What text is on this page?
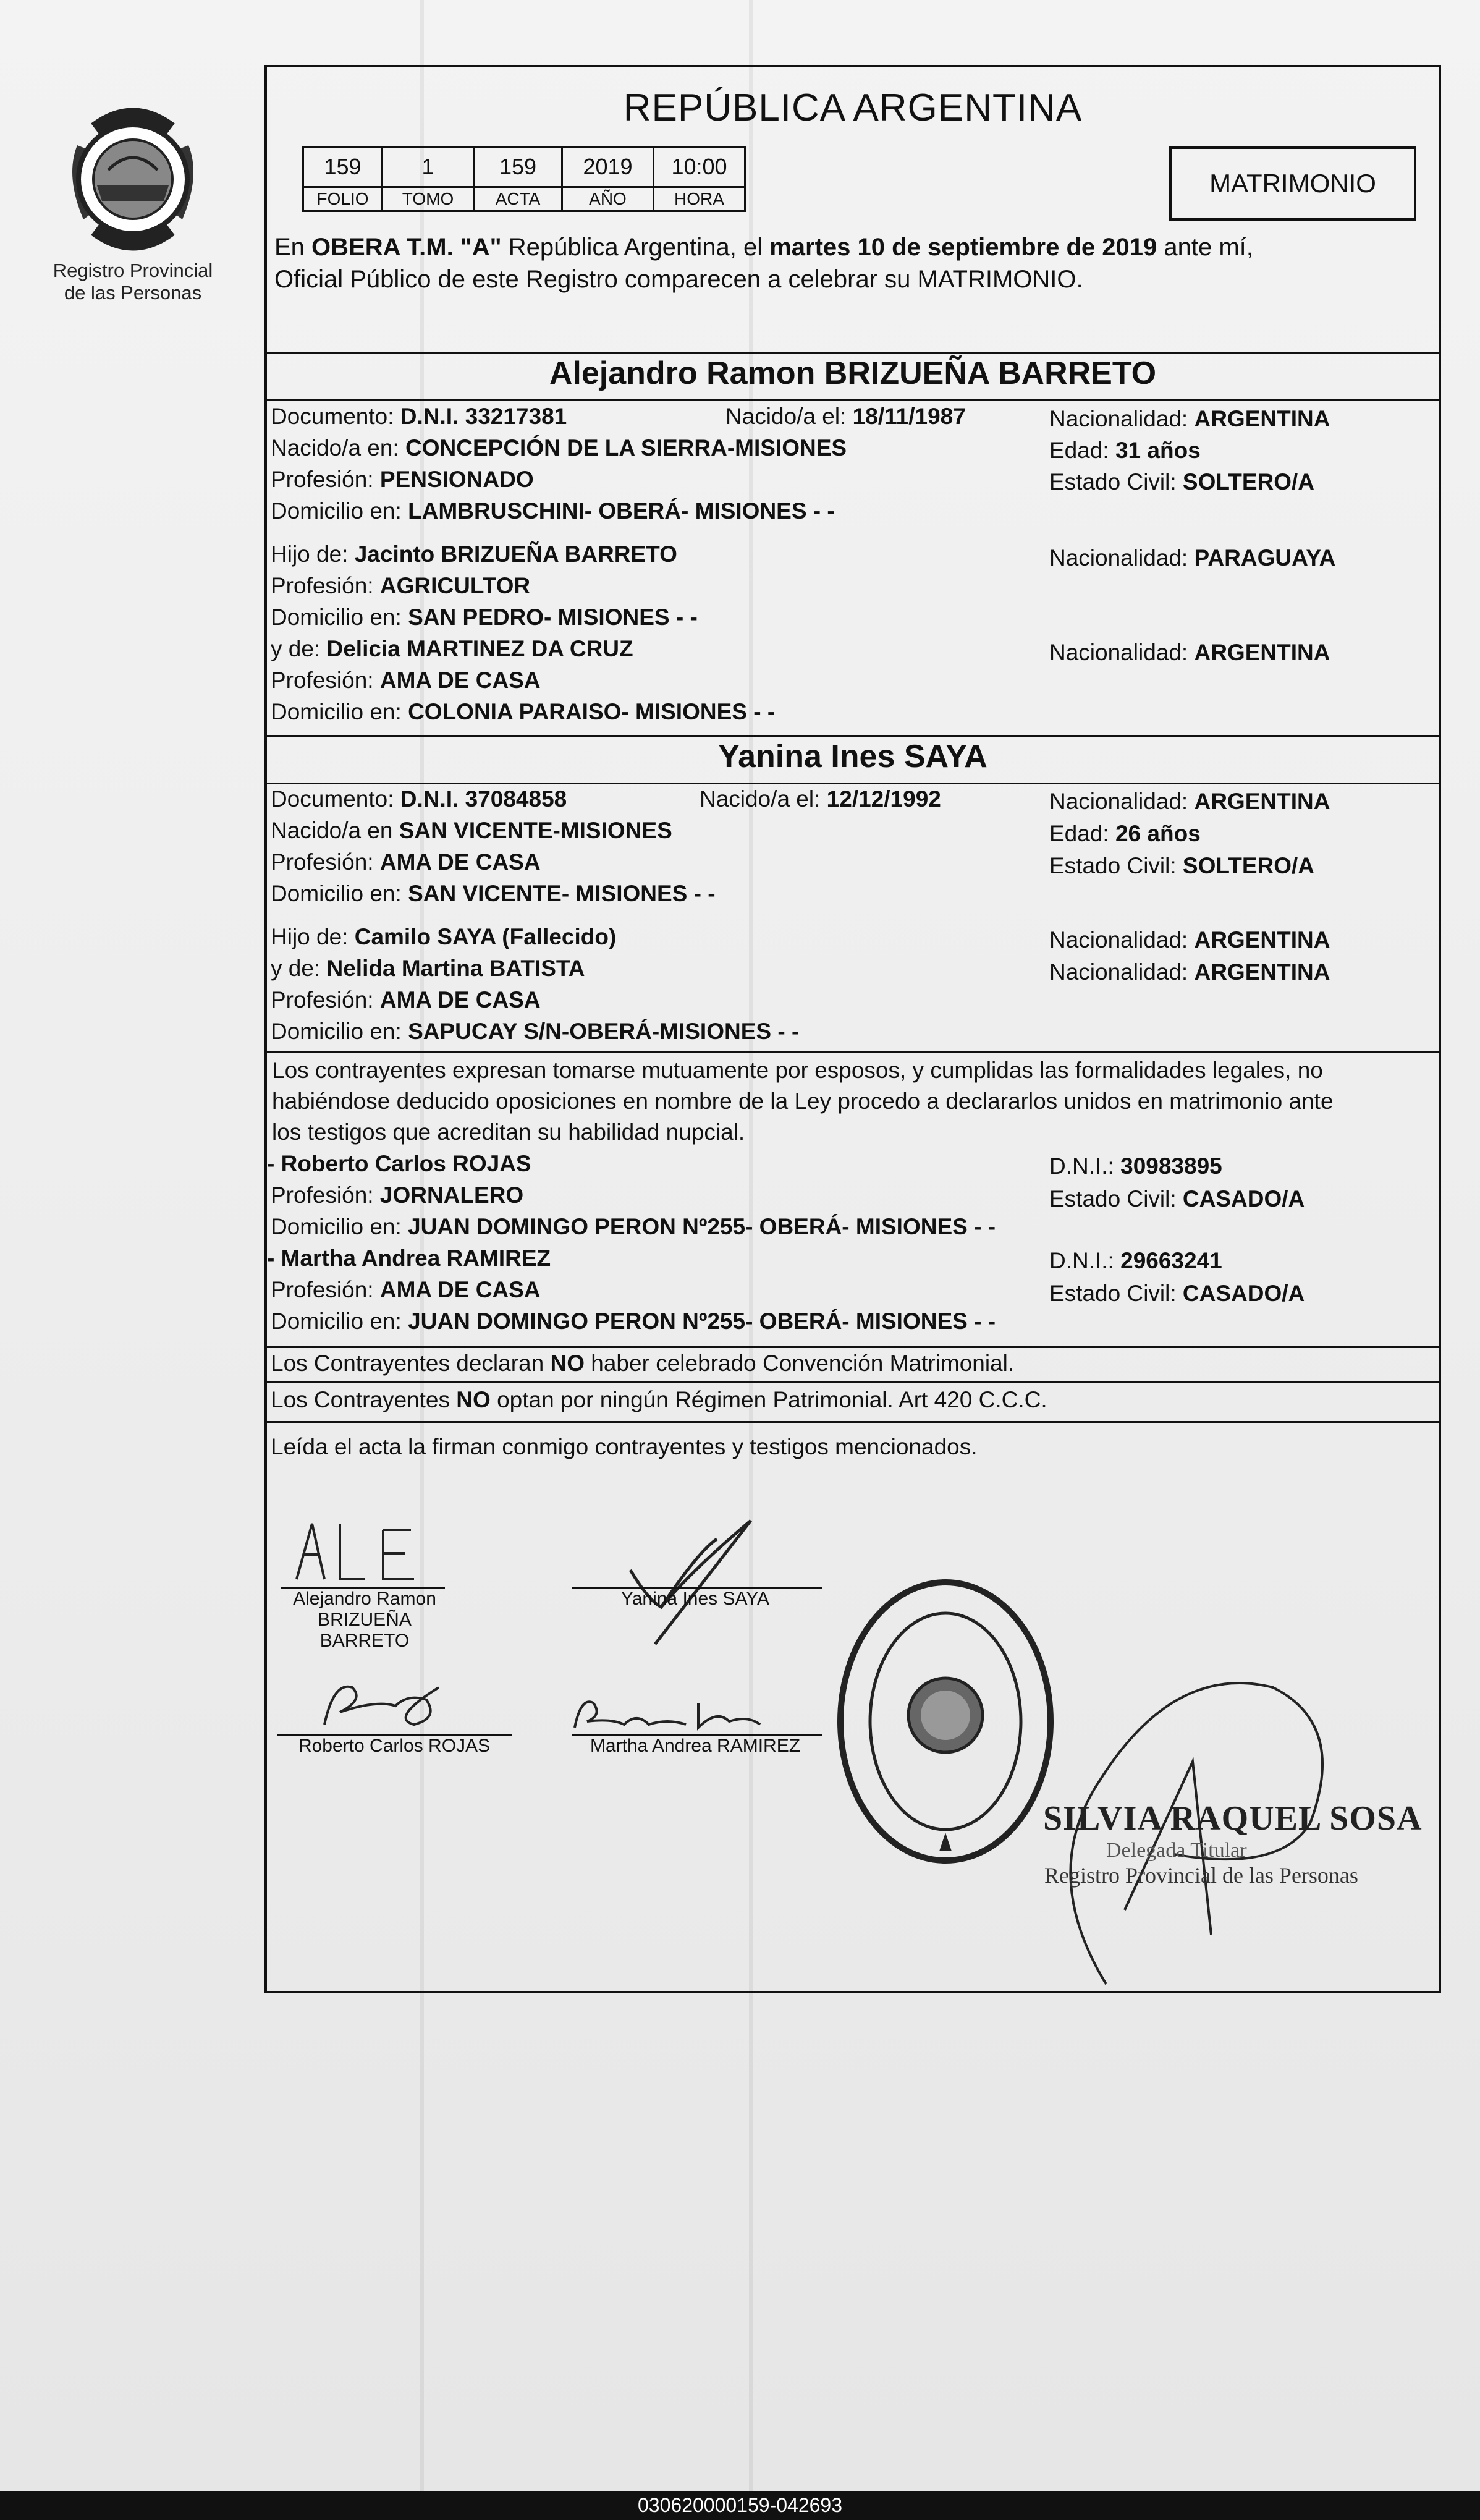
Registro Provincial
de las Personas
REPÚBLICA ARGENTINA
159	1	159	2019	10:00
FOLIO	TOMO	ACTA	AÑO	HORA
MATRIMONIO
En OBERA T.M. "A" República Argentina, el martes 10 de septiembre de 2019 ante mí,
Oficial Público de este Registro comparecen a celebrar su MATRIMONIO.
Alejandro Ramon BRIZUEÑA BARRETO
Documento: D.N.I. 33217381	Nacido/a el: 18/11/1987	Nacionalidad: ARGENTINA
Nacido/a en: CONCEPCIÓN DE LA SIERRA-MISIONES	Edad: 31 años
Profesión: PENSIONADO	Estado Civil: SOLTERO/A
Domicilio en: LAMBRUSCHINI- OBERÁ- MISIONES - -
Hijo de: Jacinto BRIZUEÑA BARRETO	Nacionalidad: PARAGUAYA
Profesión: AGRICULTOR
Domicilio en: SAN PEDRO- MISIONES - -
y de: Delicia MARTINEZ DA CRUZ	Nacionalidad: ARGENTINA
Profesión: AMA DE CASA
Domicilio en: COLONIA PARAISO- MISIONES - -
Yanina Ines SAYA
Documento: D.N.I. 37084858	Nacido/a el: 12/12/1992	Nacionalidad: ARGENTINA
Nacido/a en SAN VICENTE-MISIONES	Edad: 26 años
Profesión: AMA DE CASA	Estado Civil: SOLTERO/A
Domicilio en: SAN VICENTE- MISIONES - -
Hijo de: Camilo SAYA (Fallecido)	Nacionalidad: ARGENTINA
y de: Nelida Martina BATISTA	Nacionalidad: ARGENTINA
Profesión: AMA DE CASA
Domicilio en: SAPUCAY S/N-OBERÁ-MISIONES - -
Los contrayentes expresan tomarse mutuamente por esposos, y cumplidas las formalidades legales, no
habiéndose deducido oposiciones en nombre de la Ley procedo a declararlos unidos en matrimonio ante
los testigos que acreditan su habilidad nupcial.
- Roberto Carlos ROJAS	D.N.I.: 30983895
Profesión: JORNALERO	Estado Civil: CASADO/A
Domicilio en: JUAN DOMINGO PERON Nº255- OBERÁ- MISIONES - -
- Martha Andrea RAMIREZ	D.N.I.: 29663241
Profesión: AMA DE CASA	Estado Civil: CASADO/A
Domicilio en: JUAN DOMINGO PERON Nº255- OBERÁ- MISIONES - -
Los Contrayentes declaran NO haber celebrado Convención Matrimonial.
Los Contrayentes NO optan por ningún Régimen Patrimonial. Art 420 C.C.C.
Leída el acta la firman conmigo contrayentes y testigos mencionados.
Alejandro Ramon
BRIZUEÑA BARRETO
Yanina Ines SAYA
Roberto Carlos ROJAS	Martha Andrea RAMIREZ
SILVIA RAQUEL SOSA
Delegada Titular
Registro Provincial de las Personas
030620000159-042693
